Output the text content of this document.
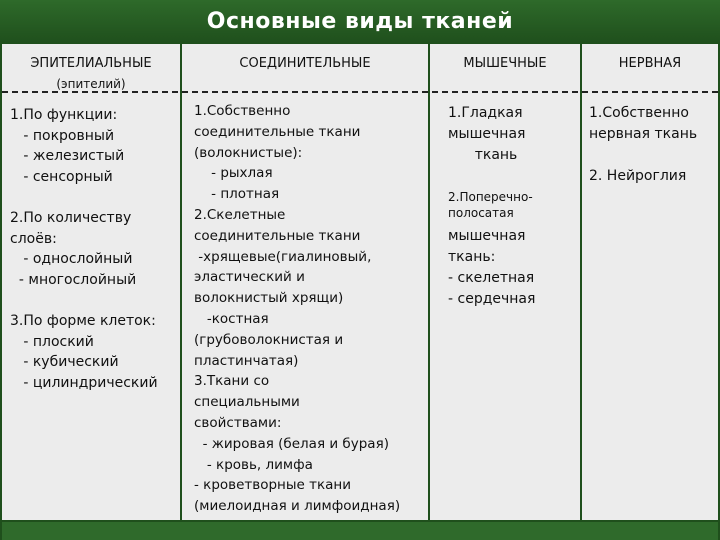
Основные виды тканей
ЭПИТЕЛИАЛЬНЫЕ
(эпителий)
СОЕДИНИТЕЛЬНЫЕ	МЫШЕЧНЫЕ	НЕРВНАЯ
1.По функции:
- покровный
- железистый
- сенсорный

2.По количеству
слоёв:
- однослойный
- многослойный

3.По форме клеток:
- плоский
- кубический
- цилиндрический
1.Собственно
соединительные ткани
(волокнистые):
- рыхлая
- плотная
2.Скелетные
соединительные ткани
-хрящевые(гиалиновый,
эластический и
волокнистый хрящи)
-костная
(грубоволокнистая и
пластинчатая)
3.Ткани со
специальными
свойствами:
- жировая (белая и бурая)
- кровь, лимфа
- кроветворные ткани
(миелоидная и лимфоидная)
1.Гладкая
мышечная
ткань
2.Поперечно-
полосатая
мышечная
ткань:
- скелетная
- сердечная
1.Собственно
нервная ткань

2. Нейроглия
